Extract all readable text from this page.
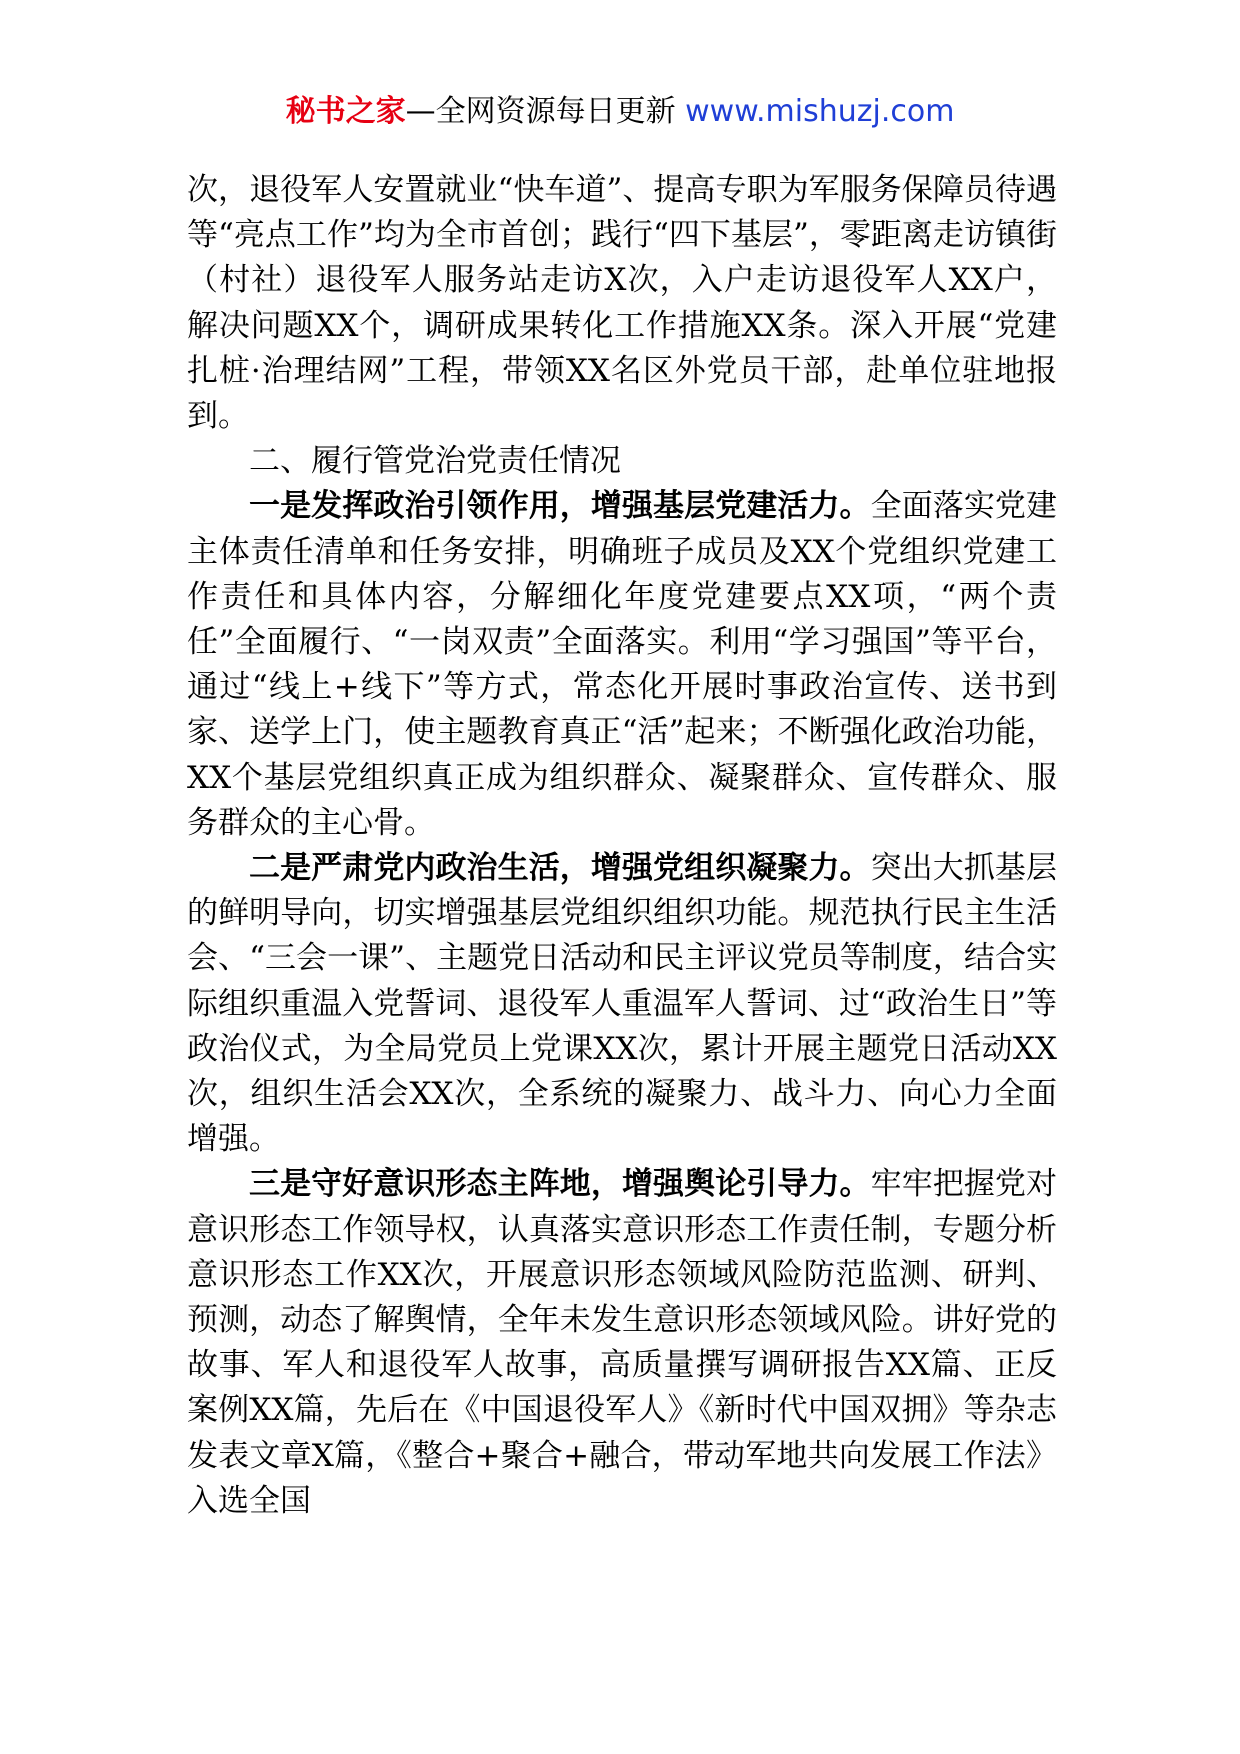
秘书之家—全网资源每日更新 www.mishuzj.com

次，退役军人安置就业“快车道”、提高专职为军服务保障员待遇等“亮点工作”均为全市首创；践行“四下基层”，零距离走访镇街（村社）退役军人服务站走访X次，入户走访退役军人XX户，解决问题XX个，调研成果转化工作措施XX条。深入开展“党建扎桩·治理结网”工程，带领XX名区外党员干部，赴单位驻地报到。

二、履行管党治党责任情况

一是发挥政治引领作用，增强基层党建活力。全面落实党建主体责任清单和任务安排，明确班子成员及XX个党组织党建工作责任和具体内容，分解细化年度党建要点XX项，“两个责任”全面履行、“一岗双责”全面落实。利用“学习强国”等平台，通过“线上+线下”等方式，常态化开展时事政治宣传、送书到家、送学上门，使主题教育真正“活”起来；不断强化政治功能，XX个基层党组织真正成为组织群众、凝聚群众、宣传群众、服务群众的主心骨。

二是严肃党内政治生活，增强党组织凝聚力。突出大抓基层的鲜明导向，切实增强基层党组织组织功能。规范执行民主生活会、“三会一课”、主题党日活动和民主评议党员等制度，结合实际组织重温入党誓词、退役军人重温军人誓词、过“政治生日”等政治仪式，为全局党员上党课XX次，累计开展主题党日活动XX次，组织生活会XX次，全系统的凝聚力、战斗力、向心力全面增强。

三是守好意识形态主阵地，增强舆论引导力。牢牢把握党对意识形态工作领导权，认真落实意识形态工作责任制，专题分析意识形态工作XX次，开展意识形态领域风险防范监测、研判、预测，动态了解舆情，全年未发生意识形态领域风险。讲好党的故事、军人和退役军人故事，高质量撰写调研报告XX篇、正反案例XX篇，先后在《中国退役军人》《新时代中国双拥》等杂志发表文章X篇，《整合+聚合+融合，带动军地共向发展工作法》入选全国
